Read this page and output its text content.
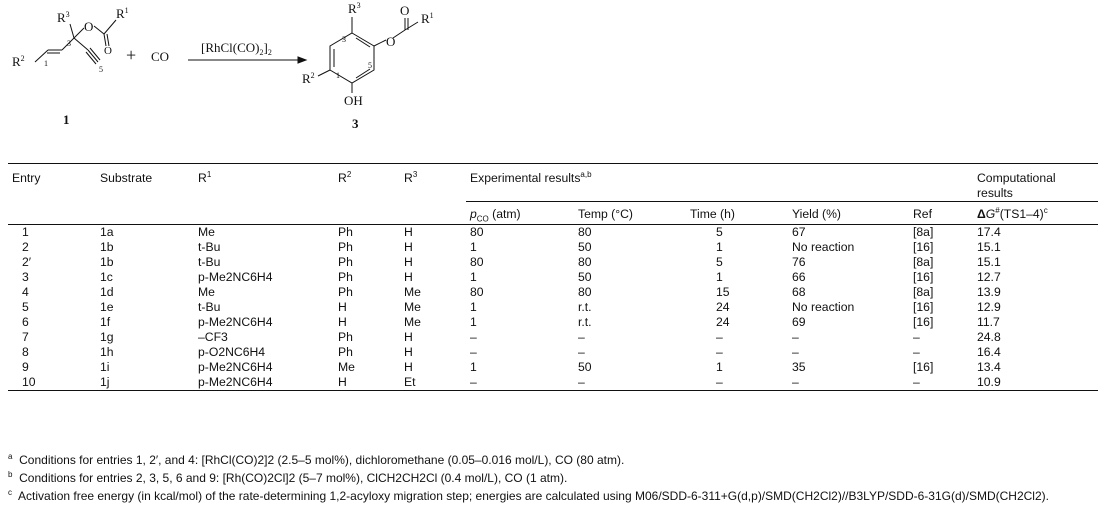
$R^2$
$R^3$
O
O
$R^1$
1
3
5
+ CO
$[RhCl(CO)_2]_2$
1
$R^3$
O
O
$R^1$
$R^2$
OH
3
1
5
3
Entry	Substrate	$R^1$	$R^2$	$R^3$	Experimental results$^{a,b}$					Computational results
					$p_{CO}$ (atm)	Temp (°C)	Time (h)	Yield (%)	Ref	$\Delta G^{\#}(TS1-4)^c$
1	1a	Me	Ph	H	80	80	5	67	[8a]	17.4
2	1b	t-Bu	Ph	H	1	50	1	No reaction	[16]	15.1
2′	1b	t-Bu	Ph	H	80	80	5	76	[8a]	15.1
3	1c	p-Me2NC6H4	Ph	H	1	50	1	66	[16]	12.7
4	1d	Me	Ph	Me	80	80	15	68	[8a]	13.9
5	1e	t-Bu	H	Me	1	r.t.	24	No reaction	[16]	12.9
6	1f	p-Me2NC6H4	H	Me	1	r.t.	24	69	[16]	11.7
7	1g	–CF3	Ph	H	–	–	–	–	–	24.8
8	1h	p-O2NC6H4	Ph	H	–	–	–	–	–	16.4
9	1i	p-Me2NC6H4	Me	H	1	50	1	35	[16]	13.4
10	1j	p-Me2NC6H4	H	Et	–	–	–	–	–	10.9
$^a$ Conditions for entries 1, 2′, and 4: [RhCl(CO)2]2 (2.5–5 mol%), dichloromethane (0.05–0.016 mol/L), CO (80 atm).
$^b$ Conditions for entries 2, 3, 5, 6 and 9: [Rh(CO)2Cl]2 (5–7 mol%), ClCH2CH2Cl (0.4 mol/L), CO (1 atm).
$^c$ Activation free energy (in kcal/mol) of the rate-determining 1,2-acyloxy migration step; energies are calculated using M06/SDD-6-311+G(d,p)/SMD(CH2Cl2)//B3LYP/SDD-6-31G(d)/SMD(CH2Cl2).
